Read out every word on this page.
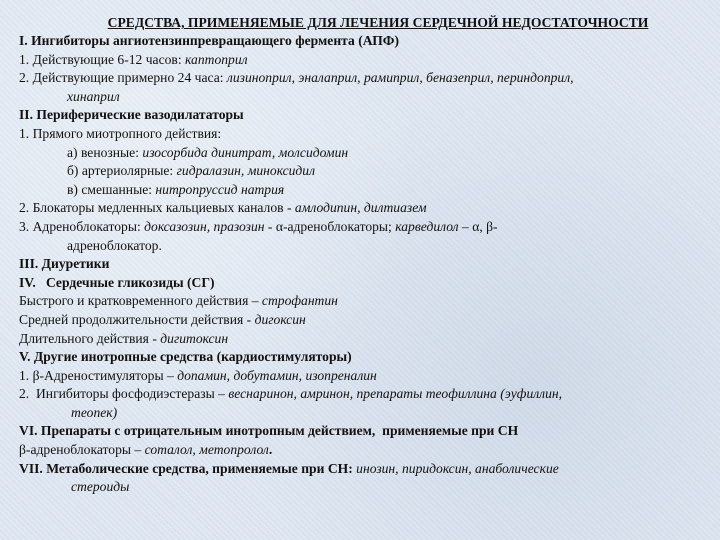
СРЕДСТВА, ПРИМЕНЯЕМЫЕ ДЛЯ ЛЕЧЕНИЯ СЕРДЕЧНОЙ НЕДОСТАТОЧНОСТИ
I. Ингибиторы ангиотензинпревращающего фермента (АПФ)
1. Действующие 6-12 часов: каптоприл
2. Действующие примерно 24 часа: лизиноприл, эналаприл, рамиприл, беназеприл, периндоприл,
хинаприл
II. Периферические вазодилататоры
1. Прямого миотропного действия:
а) венозные: изосорбида динитрат, молсидомин
б) артериолярные: гидралазин, миноксидил
в) смешанные: нитропруссид натрия
2. Блокаторы медленных кальциевых каналов - амлодипин, дилтиазем
3. Адреноблокаторы: доксазозин, празозин - α-адреноблокаторы; карведилол – α, β-
адреноблокатор.
III. Диуретики
IV.   Сердечные гликозиды (СГ)
Быстрого и кратковременного действия – строфантин
Средней продолжительности действия - дигоксин
Длительного действия - дигитоксин
V. Другие инотропные средства (кардиостимуляторы)
1. β-Адреностимуляторы – допамин, добутамин, изопреналин
2.  Ингибиторы фосфодиэстеразы – веснаринон, амринон, препараты теофиллина (эуфиллин,
теопек)
VI. Препараты с отрицательным инотропным действием,  применяемые при СН
β-адреноблокаторы – соталол, метопролол.
VII. Метаболические средства, применяемые при СН: инозин, пиридоксин, анаболические
стероиды
